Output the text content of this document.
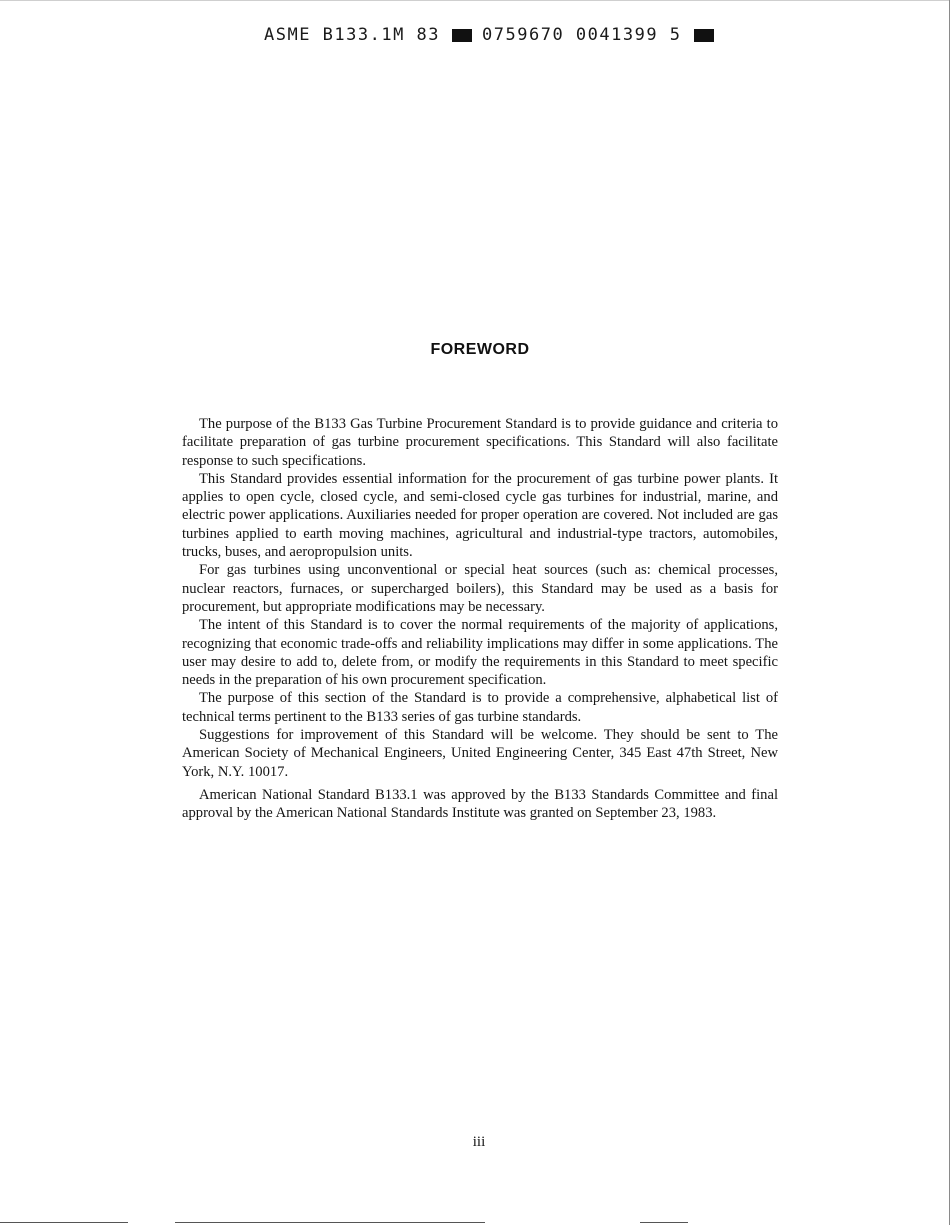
ASME B133.1M 83 0759670 0041399 5
FOREWORD

The purpose of the B133 Gas Turbine Procurement Standard is to provide guidance and criteria to facilitate preparation of gas turbine procurement specifications. This Standard will also facilitate response to such specifications.

This Standard provides essential information for the procurement of gas turbine power plants. It applies to open cycle, closed cycle, and semi-closed cycle gas turbines for industrial, marine, and electric power applications. Auxiliaries needed for proper operation are covered. Not included are gas turbines applied to earth moving machines, agricultural and industrial-type tractors, automobiles, trucks, buses, and aeropropulsion units.

For gas turbines using unconventional or special heat sources (such as: chemical processes, nuclear reactors, furnaces, or supercharged boilers), this Standard may be used as a basis for procurement, but appropriate modifications may be necessary.

The intent of this Standard is to cover the normal requirements of the majority of applications, recognizing that economic trade-offs and reliability implications may differ in some applications. The user may desire to add to, delete from, or modify the requirements in this Standard to meet specific needs in the preparation of his own procurement specification.

The purpose of this section of the Standard is to provide a comprehensive, alphabetical list of technical terms pertinent to the B133 series of gas turbine standards.

Suggestions for improvement of this Standard will be welcome. They should be sent to The American Society of Mechanical Engineers, United Engineering Center, 345 East 47th Street, New York, N.Y. 10017.

American National Standard B133.1 was approved by the B133 Standards Committee and final approval by the American National Standards Institute was granted on September 23, 1983.

iii
